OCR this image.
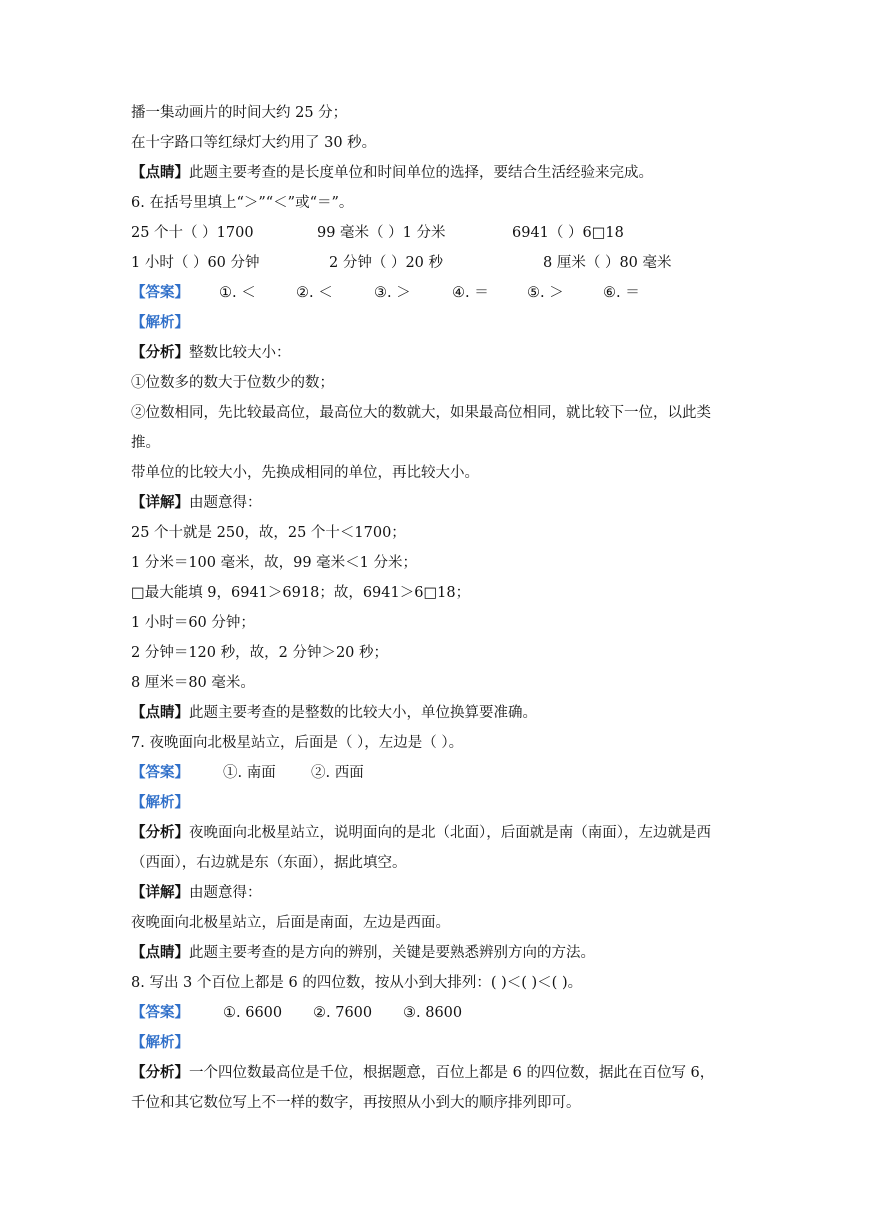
播一集动画片的时间大约 25 分；
在十字路口等红绿灯大约用了 30 秒。
【点睛】此题主要考查的是长度单位和时间单位的选择，要结合生活经验来完成。
6. 在括号里填上“＞”“＜”或“＝”。
25 个十（ ）1700	99 毫米（ ）1 分米	6941（ ）6□18
1 小时（ ）60 分钟	2 分钟（ ）20 秒	8 厘米（ ）80 毫米
【答案】 ①. ＜	②. ＜	③. ＞	④. ＝	⑤. ＞	⑥. ＝
【解析】
【分析】整数比较大小：
①位数多的数大于位数少的数；
②位数相同，先比较最高位，最高位大的数就大，如果最高位相同，就比较下一位，以此类
推。
带单位的比较大小，先换成相同的单位，再比较大小。
【详解】由题意得：
25 个十就是 250，故，25 个十＜1700；
1 分米＝100 毫米，故，99 毫米＜1 分米；
□最大能填 9，6941＞6918；故，6941＞6□18；
1 小时＝60 分钟；
2 分钟＝120 秒，故，2 分钟＞20 秒；
8 厘米＝80 毫米。
【点睛】此题主要考查的是整数的比较大小，单位换算要准确。
7. 夜晚面向北极星站立，后面是（ ），左边是（ ）。
【答案】 ①. 南面 ②. 西面
【解析】
【分析】夜晚面向北极星站立，说明面向的是北（北面），后面就是南（南面），左边就是西
（西面），右边就是东（东面），据此填空。
【详解】由题意得：
夜晚面向北极星站立，后面是南面，左边是西面。
【点睛】此题主要考查的是方向的辨别，关键是要熟悉辨别方向的方法。
8. 写出 3 个百位上都是 6 的四位数，按从小到大排列：( )＜( )＜( )。
【答案】 ①. 6600 ②. 7600 ③. 8600
【解析】
【分析】一个四位数最高位是千位，根据题意，百位上都是 6 的四位数，据此在百位写 6，
千位和其它数位写上不一样的数字，再按照从小到大的顺序排列即可。
